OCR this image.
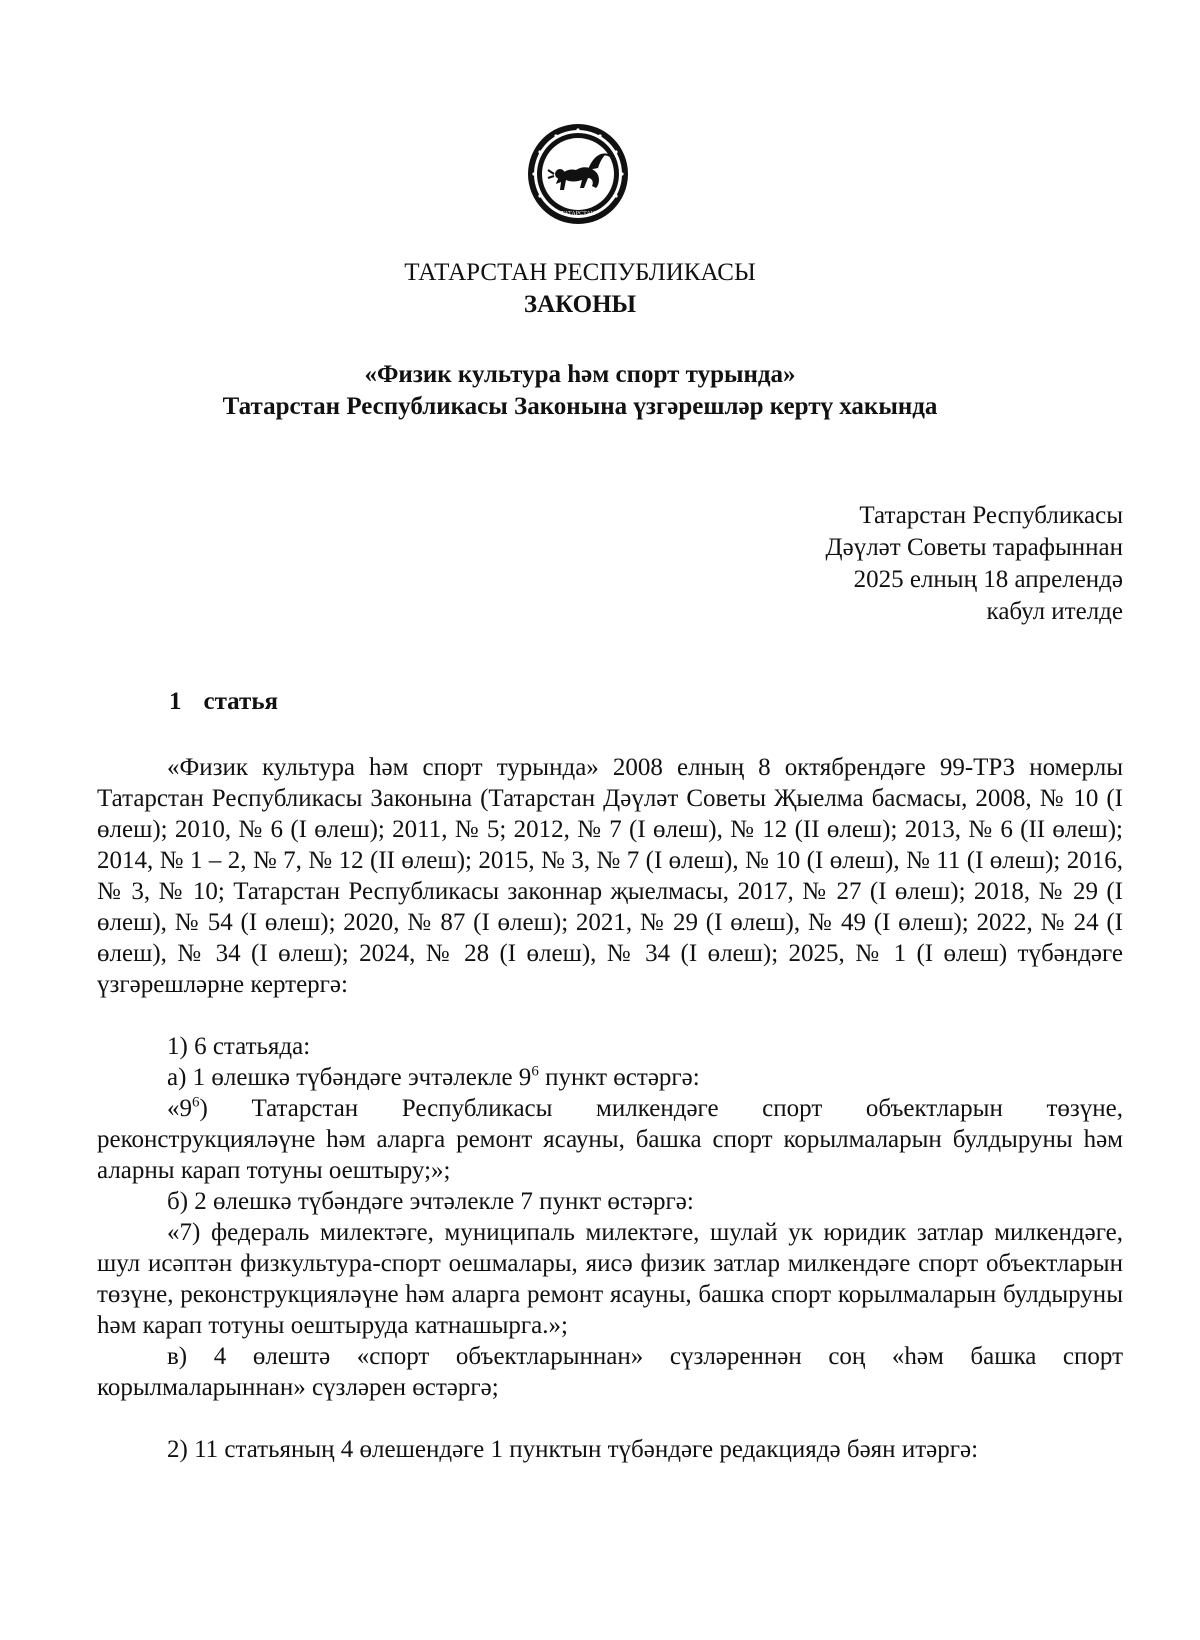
ТАТАРСТАН
ТАТАРСТАН РЕСПУБЛИКАСЫ
ЗАКОНЫ
«Физик культура һәм спорт турында»
Татарстан Республикасы Законына үзгәрешләр кертү хакында
Татарстан Республикасы
Дәүләт Советы тарафыннан
2025 елның 18 апрелендә
кабул ителде
1 статья

«Физик культура һәм спорт турында» 2008 елның 8 октябрендәге 99-ТРЗ номерлы Татарстан Республикасы Законына (Татарстан Дәүләт Советы Җыелма басмасы, 2008, № 10 (I өлеш); 2010, № 6 (I өлеш); 2011, № 5; 2012, № 7 (I өлеш), № 12 (II өлеш); 2013, № 6 (II өлеш); 2014, № 1 – 2, № 7, № 12 (II өлеш); 2015, № 3, № 7 (I өлеш), № 10 (I өлеш), № 11 (I өлеш); 2016, № 3, № 10; Татарстан Республикасы законнар җыелмасы, 2017, № 27 (I өлеш); 2018, № 29 (I өлеш), № 54 (I өлеш); 2020, № 87 (I өлеш); 2021, № 29 (I өлеш), № 49 (I өлеш); 2022, № 24 (I өлеш), № 34 (I өлеш); 2024, № 28 (I өлеш), № 34 (I өлеш); 2025, № 1 (I өлеш) түбәндәге үзгәрешләрне кертергә:

1) 6 статьяда:

а) 1 өлешкә түбәндәге эчтәлекле $9^6$ пункт өстәргә:

«$9^6$) Татарстан Республикасы милкендәге спорт объектларын төзүне, реконструкцияләүне һәм аларга ремонт ясауны, башка спорт корылмаларын булдыруны һәм аларны карап тотуны оештыру;»;

б) 2 өлешкә түбәндәге эчтәлекле 7 пункт өстәргә:

«7) федераль милектәге, муниципаль милектәге, шулай ук юридик затлар милкендәге, шул исәптән физкультура-спорт оешмалары, яисә физик затлар милкендәге спорт объектларын төзүне, реконструкцияләүне һәм аларга ремонт ясауны, башка спорт корылмаларын булдыруны һәм карап тотуны оештыруда катнашырга.»;

в) 4 өлештә «спорт объектларыннан» сүзләреннән соң «һәм башка спорт корылмаларыннан» сүзләрен өстәргә;

2) 11 статьяның 4 өлешендәге 1 пунктын түбәндәге редакциядә бәян итәргә:
